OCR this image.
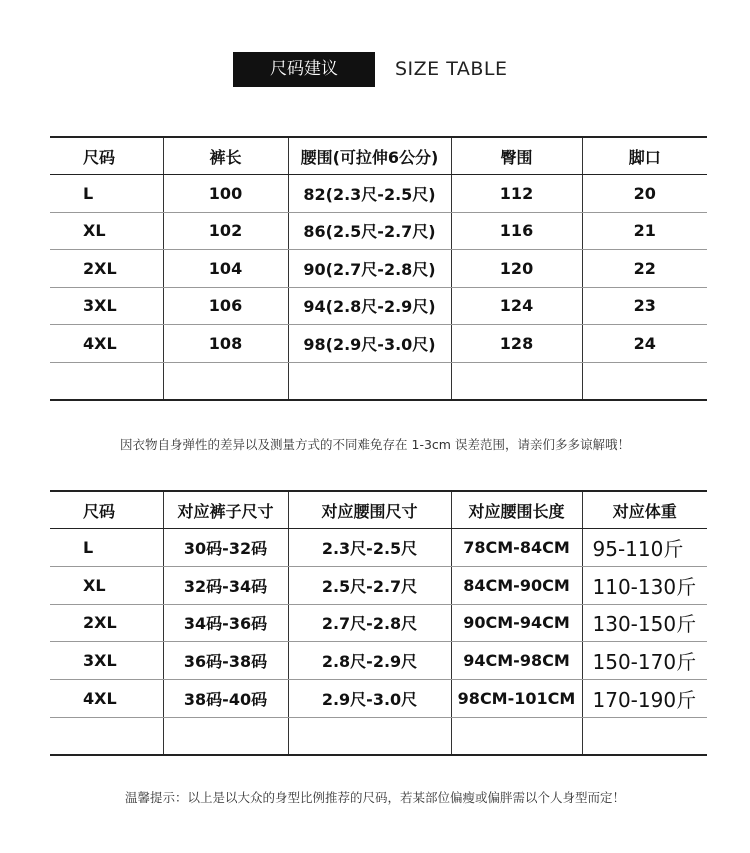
尺码建议	SIZE TABLE
尺码	裤长	腰围(可拉伸6公分)	臀围	脚口
L	100	82(2.3尺-2.5尺)	112	20
XL	102	86(2.5尺-2.7尺)	116	21
2XL	104	90(2.7尺-2.8尺)	120	22
3XL	106	94(2.8尺-2.9尺)	124	23
4XL	108	98(2.9尺-3.0尺)	128	24

因衣物自身弹性的差异以及测量方式的不同难免存在 1-3cm 误差范围，请亲们多多谅解哦！
尺码	对应裤子尺寸	对应腰围尺寸	对应腰围长度	对应体重
L	30码-32码	2.3尺-2.5尺	78CM-84CM	95-110斤
XL	32码-34码	2.5尺-2.7尺	84CM-90CM	110-130斤
2XL	34码-36码	2.7尺-2.8尺	90CM-94CM	130-150斤
3XL	36码-38码	2.8尺-2.9尺	94CM-98CM	150-170斤
4XL	38码-40码	2.9尺-3.0尺	98CM-101CM	170-190斤

温馨提示：以上是以大众的身型比例推荐的尺码，若某部位偏瘦或偏胖需以个人身型而定！
